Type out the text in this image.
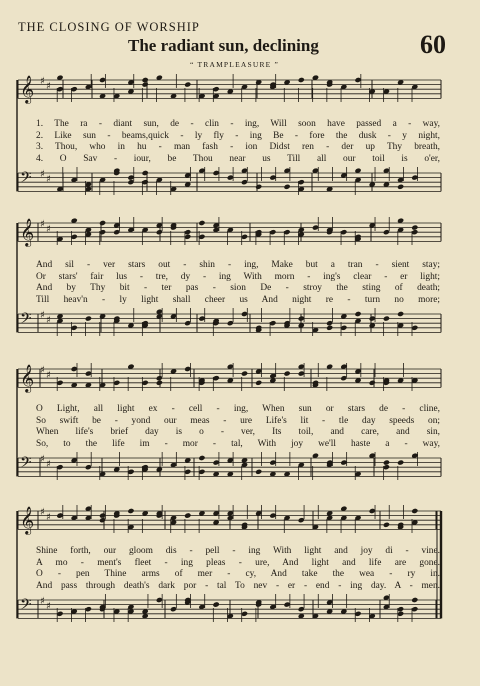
THE CLOSING OF WORSHIP
The radiant sun, declining	60
“ TRAMPLEASURE ”
𝄞 ♯ ♯
𝄢 ♯ ♯
𝄞 ♯ ♯
𝄢 ♯ ♯
𝄞 ♯ ♯
𝄢 ♯ ♯
𝄞 ♯ ♯
𝄢 ♯ ♯
1. The ra - diant sun, de - clin - ing, Will soon have passed a - way,
2. Like sun - beams,quick - ly fly - ing Be - fore the dusk - y night,
3. Thou, who in hu - man fash - ion Didst ren - der up Thy breath,
4. O Sav - iour, be Thou near us Till all our toil is o'er,
And sil - ver stars out - shin - ing, Make but a tran - sient stay;
Or stars' fair lus - tre, dy - ing With morn - ing's clear - er light;
And by Thy bit - ter pas - sion De - stroy the sting of death;
Till heav'n - ly light shall cheer us And night re - turn no more;
O Light, all light ex - cell - ing, When sun or stars de - cline,
So swift be - yond our meas - ure Life's lit - tle day speeds on;
When life's brief day is o - ver, Its toil, and care, and sin,
So, to the life im - mor - tal, With joy we'll haste a - way,
Shine forth, our gloom dis - pell - ing With light and joy di - vine.
A mo - ment's fleet - ing pleas - ure, And light and life are gone.
O - pen Thine arms of mer - cy, And take the wea - ry in.
And pass through death's dark por - tal To nev - er - end - ing day. A - men.
